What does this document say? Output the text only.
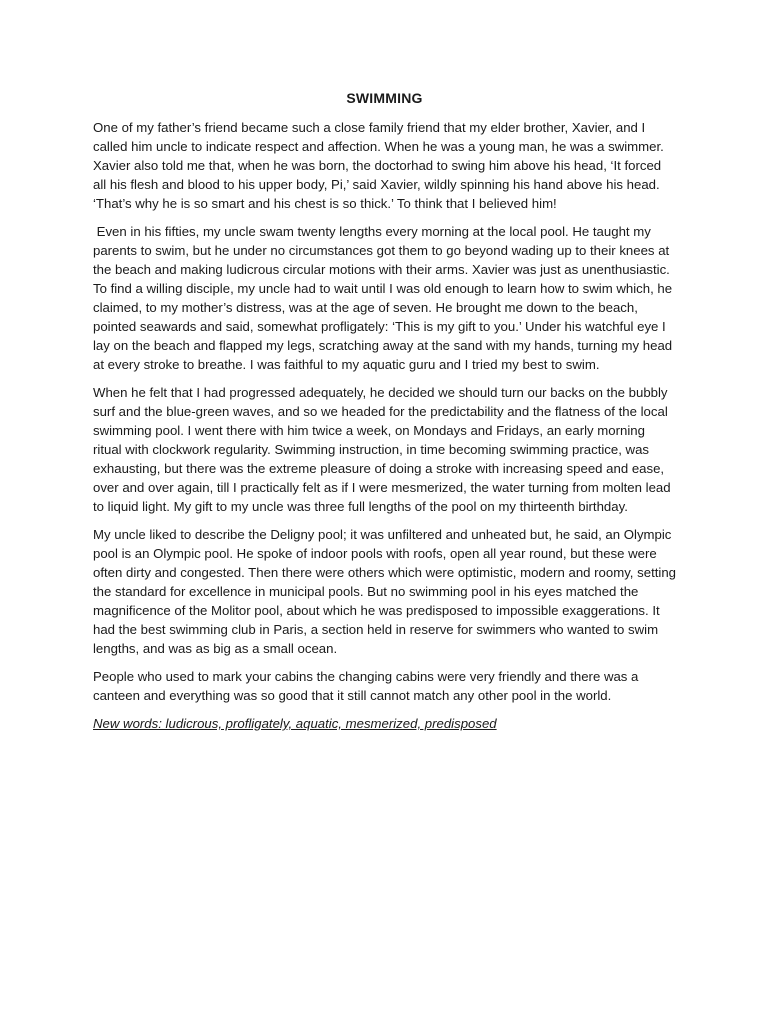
SWIMMING

One of my father’s friend became such a close family friend that my elder brother, Xavier, and I called him uncle to indicate respect and affection. When he was a young man, he was a swimmer. Xavier also told me that, when he was born, the doctorhad to swing him above his head, ‘It forced all his flesh and blood to his upper body, Pi,’ said Xavier, wildly spinning his hand above his head. ‘That’s why he is so smart and his chest is so thick.’ To think that I believed him!

Even in his fifties, my uncle swam twenty lengths every morning at the local pool. He taught my parents to swim, but he under no circumstances got them to go beyond wading up to their knees at the beach and making ludicrous circular motions with their arms. Xavier was just as unenthusiastic. To find a willing disciple, my uncle had to wait until I was old enough to learn how to swim which, he claimed, to my mother’s distress, was at the age of seven. He brought me down to the beach, pointed seawards and said, somewhat profligately: ‘This is my gift to you.’ Under his watchful eye I lay on the beach and flapped my legs, scratching away at the sand with my hands, turning my head at every stroke to breathe. I was faithful to my aquatic guru and I tried my best to swim.

When he felt that I had progressed adequately, he decided we should turn our backs on the bubbly surf and the blue-green waves, and so we headed for the predictability and the flatness of the local swimming pool. I went there with him twice a week, on Mondays and Fridays, an early morning ritual with clockwork regularity. Swimming instruction, in time becoming swimming practice, was exhausting, but there was the extreme pleasure of doing a stroke with increasing speed and ease, over and over again, till I practically felt as if I were mesmerized, the water turning from molten lead to liquid light. My gift to my uncle was three full lengths of the pool on my thirteenth birthday.

My uncle liked to describe the Deligny pool; it was unfiltered and unheated but, he said, an Olympic pool is an Olympic pool. He spoke of indoor pools with roofs, open all year round, but these were often dirty and congested. Then there were others which were optimistic, modern and roomy, setting the standard for excellence in municipal pools. But no swimming pool in his eyes matched the magnificence of the Molitor pool, about which he was predisposed to impossible exaggerations. It had the best swimming club in Paris, a section held in reserve for swimmers who wanted to swim lengths, and was as big as a small ocean.

People who used to mark your cabins the changing cabins were very friendly and there was a canteen and everything was so good that it still cannot match any other pool in the world.

New words: ludicrous, profligately, aquatic, mesmerized, predisposed
